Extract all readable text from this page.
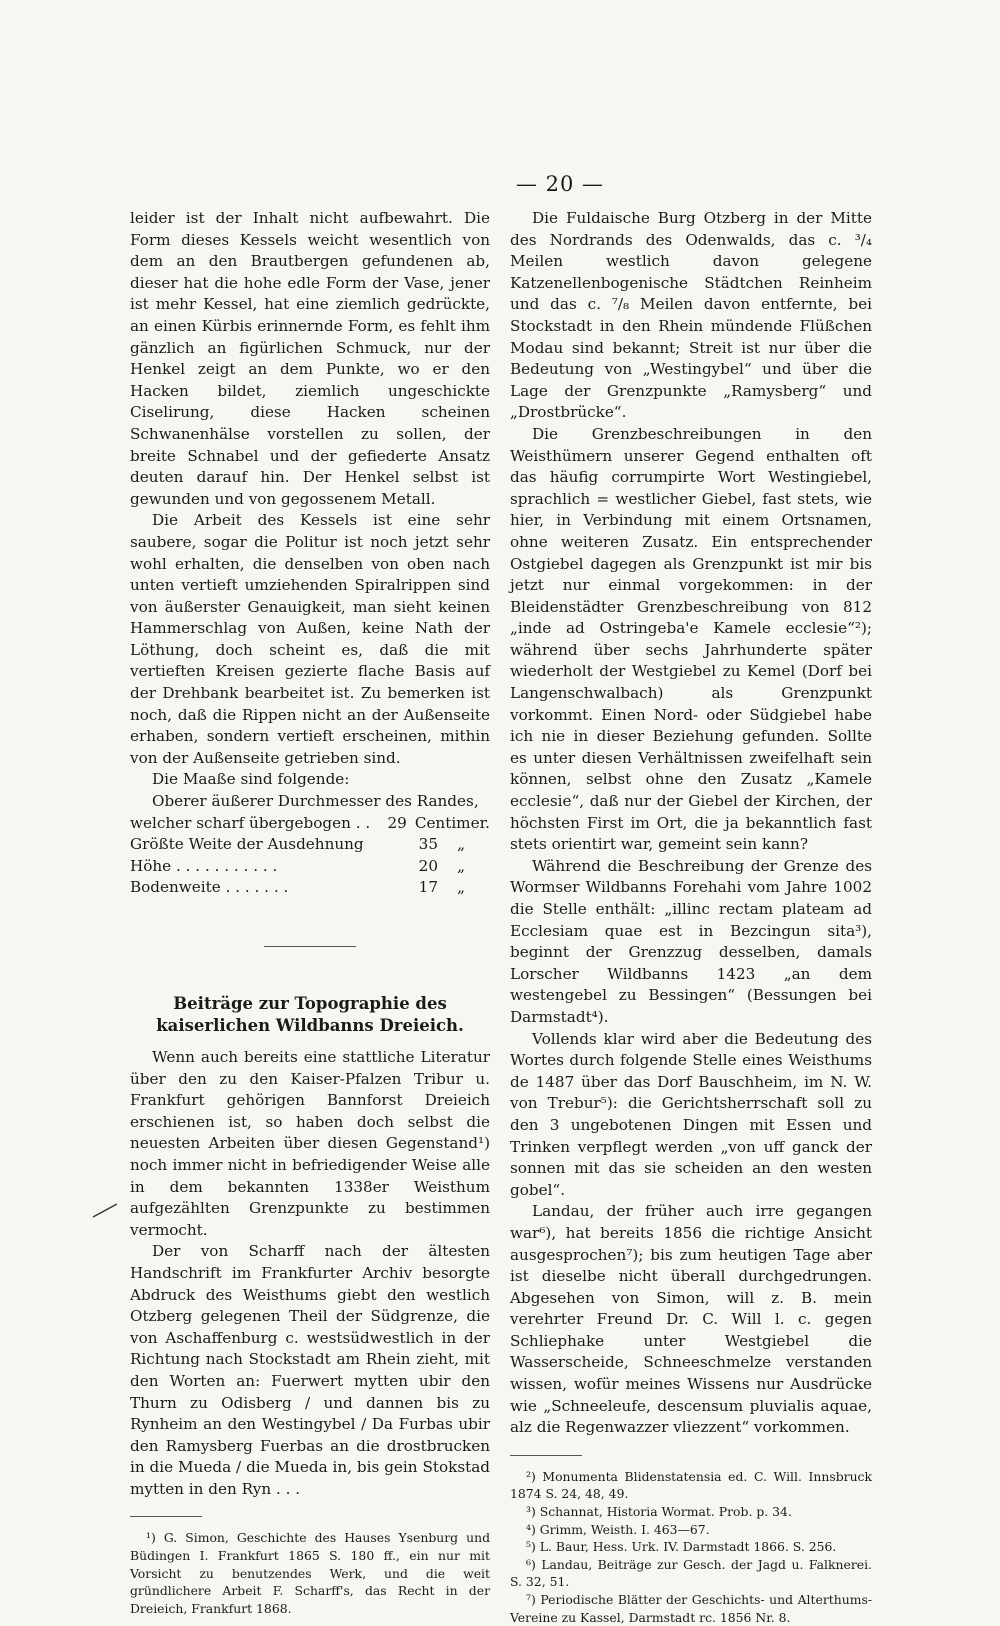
— 20 —

leider ist der Inhalt nicht aufbewahrt. Die Form dieses Kessels weicht wesentlich von dem an den Brautbergen gefundenen ab, dieser hat die hohe edle Form der Vase, jener ist mehr Kessel, hat eine ziemlich gedrückte, an einen Kürbis erinnernde Form, es fehlt ihm gänzlich an figürlichen Schmuck, nur der Henkel zeigt an dem Punkte, wo er den Hacken bildet, ziemlich ungeschickte Ciselirung, diese Hacken scheinen Schwanenhälse vorstellen zu sollen, der breite Schnabel und der gefiederte Ansatz deuten darauf hin. Der Henkel selbst ist gewunden und von gegossenem Metall.

Die Arbeit des Kessels ist eine sehr saubere, sogar die Politur ist noch jetzt sehr wohl erhalten, die denselben von oben nach unten vertieft umziehenden Spiralrippen sind von äußerster Genauigkeit, man sieht keinen Hammerschlag von Außen, keine Nath der Löthung, doch scheint es, daß die mit vertieften Kreisen gezierte flache Basis auf der Drehbank bearbeitet ist. Zu bemerken ist noch, daß die Rippen nicht an der Außenseite erhaben, sondern vertieft erscheinen, mithin von der Außenseite getrieben sind.

Die Maaße sind folgende:

Oberer äußerer Durchmesser des Randes, welcher scharf übergebogen . .	29 Centimer.
Größte Weite der Ausdehnung	35	„
Höhe . . . . . . . . . . .	20	„
Bodenweite . . . . . . .	17	„
Beiträge zur Topographie des kaiserlichen Wildbanns Dreieich.

Wenn auch bereits eine stattliche Literatur über den zu den Kaiser-Pfalzen Tribur u. Frankfurt gehörigen Bannforst Dreieich erschienen ist, so haben doch selbst die neuesten Arbeiten über diesen Gegenstand¹) noch immer nicht in befriedigender Weise alle in dem bekannten 1338er Weisthum aufgezählten Grenzpunkte zu bestimmen vermocht.

Der von Scharff nach der ältesten Handschrift im Frankfurter Archiv besorgte Abdruck des Weisthums giebt den westlich Otzberg gelegenen Theil der Südgrenze, die von Aschaffenburg c. westsüdwestlich in der Richtung nach Stockstadt am Rhein zieht, mit den Worten an: Fuerwert mytten ubir den Thurn zu Odisberg / und dannen bis zu Rynheim an den Westingybel / Da Furbas ubir den Ramysberg Fuerbas an die drostbrucken in die Mueda / die Mueda in, bis gein Stokstad mytten in den Ryn . . .

¹) G. Simon, Geschichte des Hauses Ysenburg und Büdingen I. Frankfurt 1865 S. 180 ff., ein nur mit Vorsicht zu benutzendes Werk, und die weit gründlichere Arbeit F. Scharff's, das Recht in der Dreieich, Frankfurt 1868.

Die Fuldaische Burg Otzberg in der Mitte des Nordrands des Odenwalds, das c. ³/₄ Meilen westlich davon gelegene Katzenellenbogenische Städtchen Reinheim und das c. ⁷/₈ Meilen davon entfernte, bei Stockstadt in den Rhein mündende Flüßchen Modau sind bekannt; Streit ist nur über die Bedeutung von „Westingybel“ und über die Lage der Grenzpunkte „Ramysberg“ und „Drostbrücke“.

Die Grenzbeschreibungen in den Weisthümern unserer Gegend enthalten oft das häufig corrumpirte Wort Westingiebel, sprachlich = westlicher Giebel, fast stets, wie hier, in Verbindung mit einem Ortsnamen, ohne weiteren Zusatz. Ein entsprechender Ostgiebel dagegen als Grenzpunkt ist mir bis jetzt nur einmal vorgekommen: in der Bleidenstädter Grenzbeschreibung von 812 „inde ad Ostringeba'e Kamele ecclesie“²); während über sechs Jahrhunderte später wiederholt der Westgiebel zu Kemel (Dorf bei Langenschwalbach) als Grenzpunkt vorkommt. Einen Nord- oder Südgiebel habe ich nie in dieser Beziehung gefunden. Sollte es unter diesen Verhältnissen zweifelhaft sein können, selbst ohne den Zusatz „Kamele ecclesie“, daß nur der Giebel der Kirchen, der höchsten First im Ort, die ja bekanntlich fast stets orientirt war, gemeint sein kann?

Während die Beschreibung der Grenze des Wormser Wildbanns Forehahi vom Jahre 1002 die Stelle enthält: „illinc rectam plateam ad Ecclesiam quae est in Bezcingun sita³), beginnt der Grenzzug desselben, damals Lorscher Wildbanns 1423 „an dem westengebel zu Bessingen“ (Bessungen bei Darmstadt⁴).

Vollends klar wird aber die Bedeutung des Wortes durch folgende Stelle eines Weisthums de 1487 über das Dorf Bauschheim, im N. W. von Trebur⁵): die Gerichtsherrschaft soll zu den 3 ungebotenen Dingen mit Essen und Trinken verpflegt werden „von uff ganck der sonnen mit das sie scheiden an den westen gobel“.

Landau, der früher auch irre gegangen war⁶), hat bereits 1856 die richtige Ansicht ausgesprochen⁷); bis zum heutigen Tage aber ist dieselbe nicht überall durchgedrungen. Abgesehen von Simon, will z. B. mein verehrter Freund Dr. C. Will l. c. gegen Schliephake unter Westgiebel die Wasserscheide, Schneeschmelze verstanden wissen, wofür meines Wissens nur Ausdrücke wie „Schneeleufe, descensum pluvialis aquae, alz die Regenwazzer vliezzent“ vorkommen.

²) Monumenta Blidenstatensia ed. C. Will. Innsbruck 1874 S. 24, 48, 49.

³) Schannat, Historia Wormat. Prob. p. 34.

⁴) Grimm, Weisth. I. 463—67.

⁵) L. Baur, Hess. Urk. IV. Darmstadt 1866. S. 256.

⁶) Landau, Beiträge zur Gesch. der Jagd u. Falknerei. S. 32, 51.

⁷) Periodische Blätter der Geschichts- und Alterthums-Vereine zu Kassel, Darmstadt rc. 1856 Nr. 8.
